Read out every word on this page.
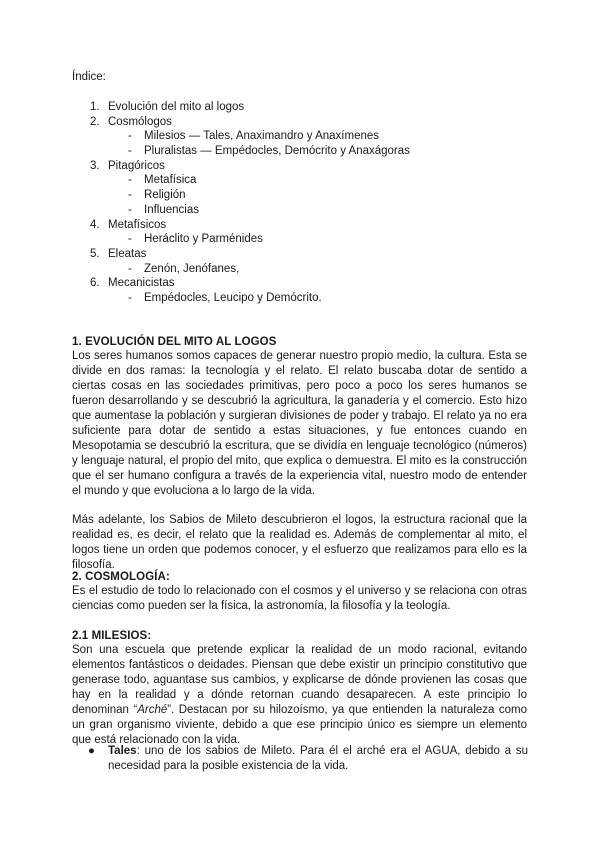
Índice:

1. Evolución del mito al logos
2. Cosmólogos
- Milesios — Tales, Anaximandro y Anaxímenes
- Pluralistas — Empédocles, Demócrito y Anaxágoras
3. Pitagóricos
- Metafísica
- Religión
- Influencias
4. Metafísicos
- Heráclito y Parménides
5. Eleatas
- Zenón, Jenófanes,
6. Mecanicistas
- Empédocles, Leucipo y Demócrito.

1. EVOLUCIÓN DEL MITO AL LOGOS

Los seres humanos somos capaces de generar nuestro propio medio, la cultura. Esta se divide en dos ramas: la tecnología y el relato. El relato buscaba dotar de sentido a ciertas cosas en las sociedades primitivas, pero poco a poco los seres humanos se fueron desarrollando y se descubrió la agricultura, la ganadería y el comercio. Esto hizo que aumentase la población y surgieran divisiones de poder y trabajo. El relato ya no era suficiente para dotar de sentido a estas situaciones, y fue entonces cuando en Mesopotamia se descubrió la escritura, que se dividía en lenguaje tecnológico (números) y lenguaje natural, el propio del mito, que explica o demuestra. El mito es la construcción que el ser humano configura a través de la experiencia vital, nuestro modo de entender el mundo y que evoluciona a lo largo de la vida.

Más adelante, los Sabios de Mileto descubrieron el logos, la estructura racional que la realidad es, es decir, el relato que la realidad es. Además de complementar al mito, el logos tiene un orden que podemos conocer, y el esfuerzo que realizamos para ello es la filosofía.

2. COSMOLOGÍA:

Es el estudio de todo lo relacionado con el cosmos y el universo y se relaciona con otras ciencias como pueden ser la física, la astronomía, la filosofía y la teología.

2.1 MILESIOS:

Son una escuela que pretende explicar la realidad de un modo racional, evitando elementos fantásticos o deidades. Piensan que debe existir un principio constitutivo que generase todo, aguantase sus cambios, y explicarse de dónde provienen las cosas que hay en la realidad y a dónde retornan cuando desaparecen. A este principio lo denominan “Arché”. Destacan por su hilozoísmo, ya que entienden la naturaleza como un gran organismo viviente, debido a que ese principio único es siempre un elemento que está relacionado con la vida.

● Tales: uno de los sabios de Mileto. Para él el arché era el AGUA, debido a su necesidad para la posible existencia de la vida.
